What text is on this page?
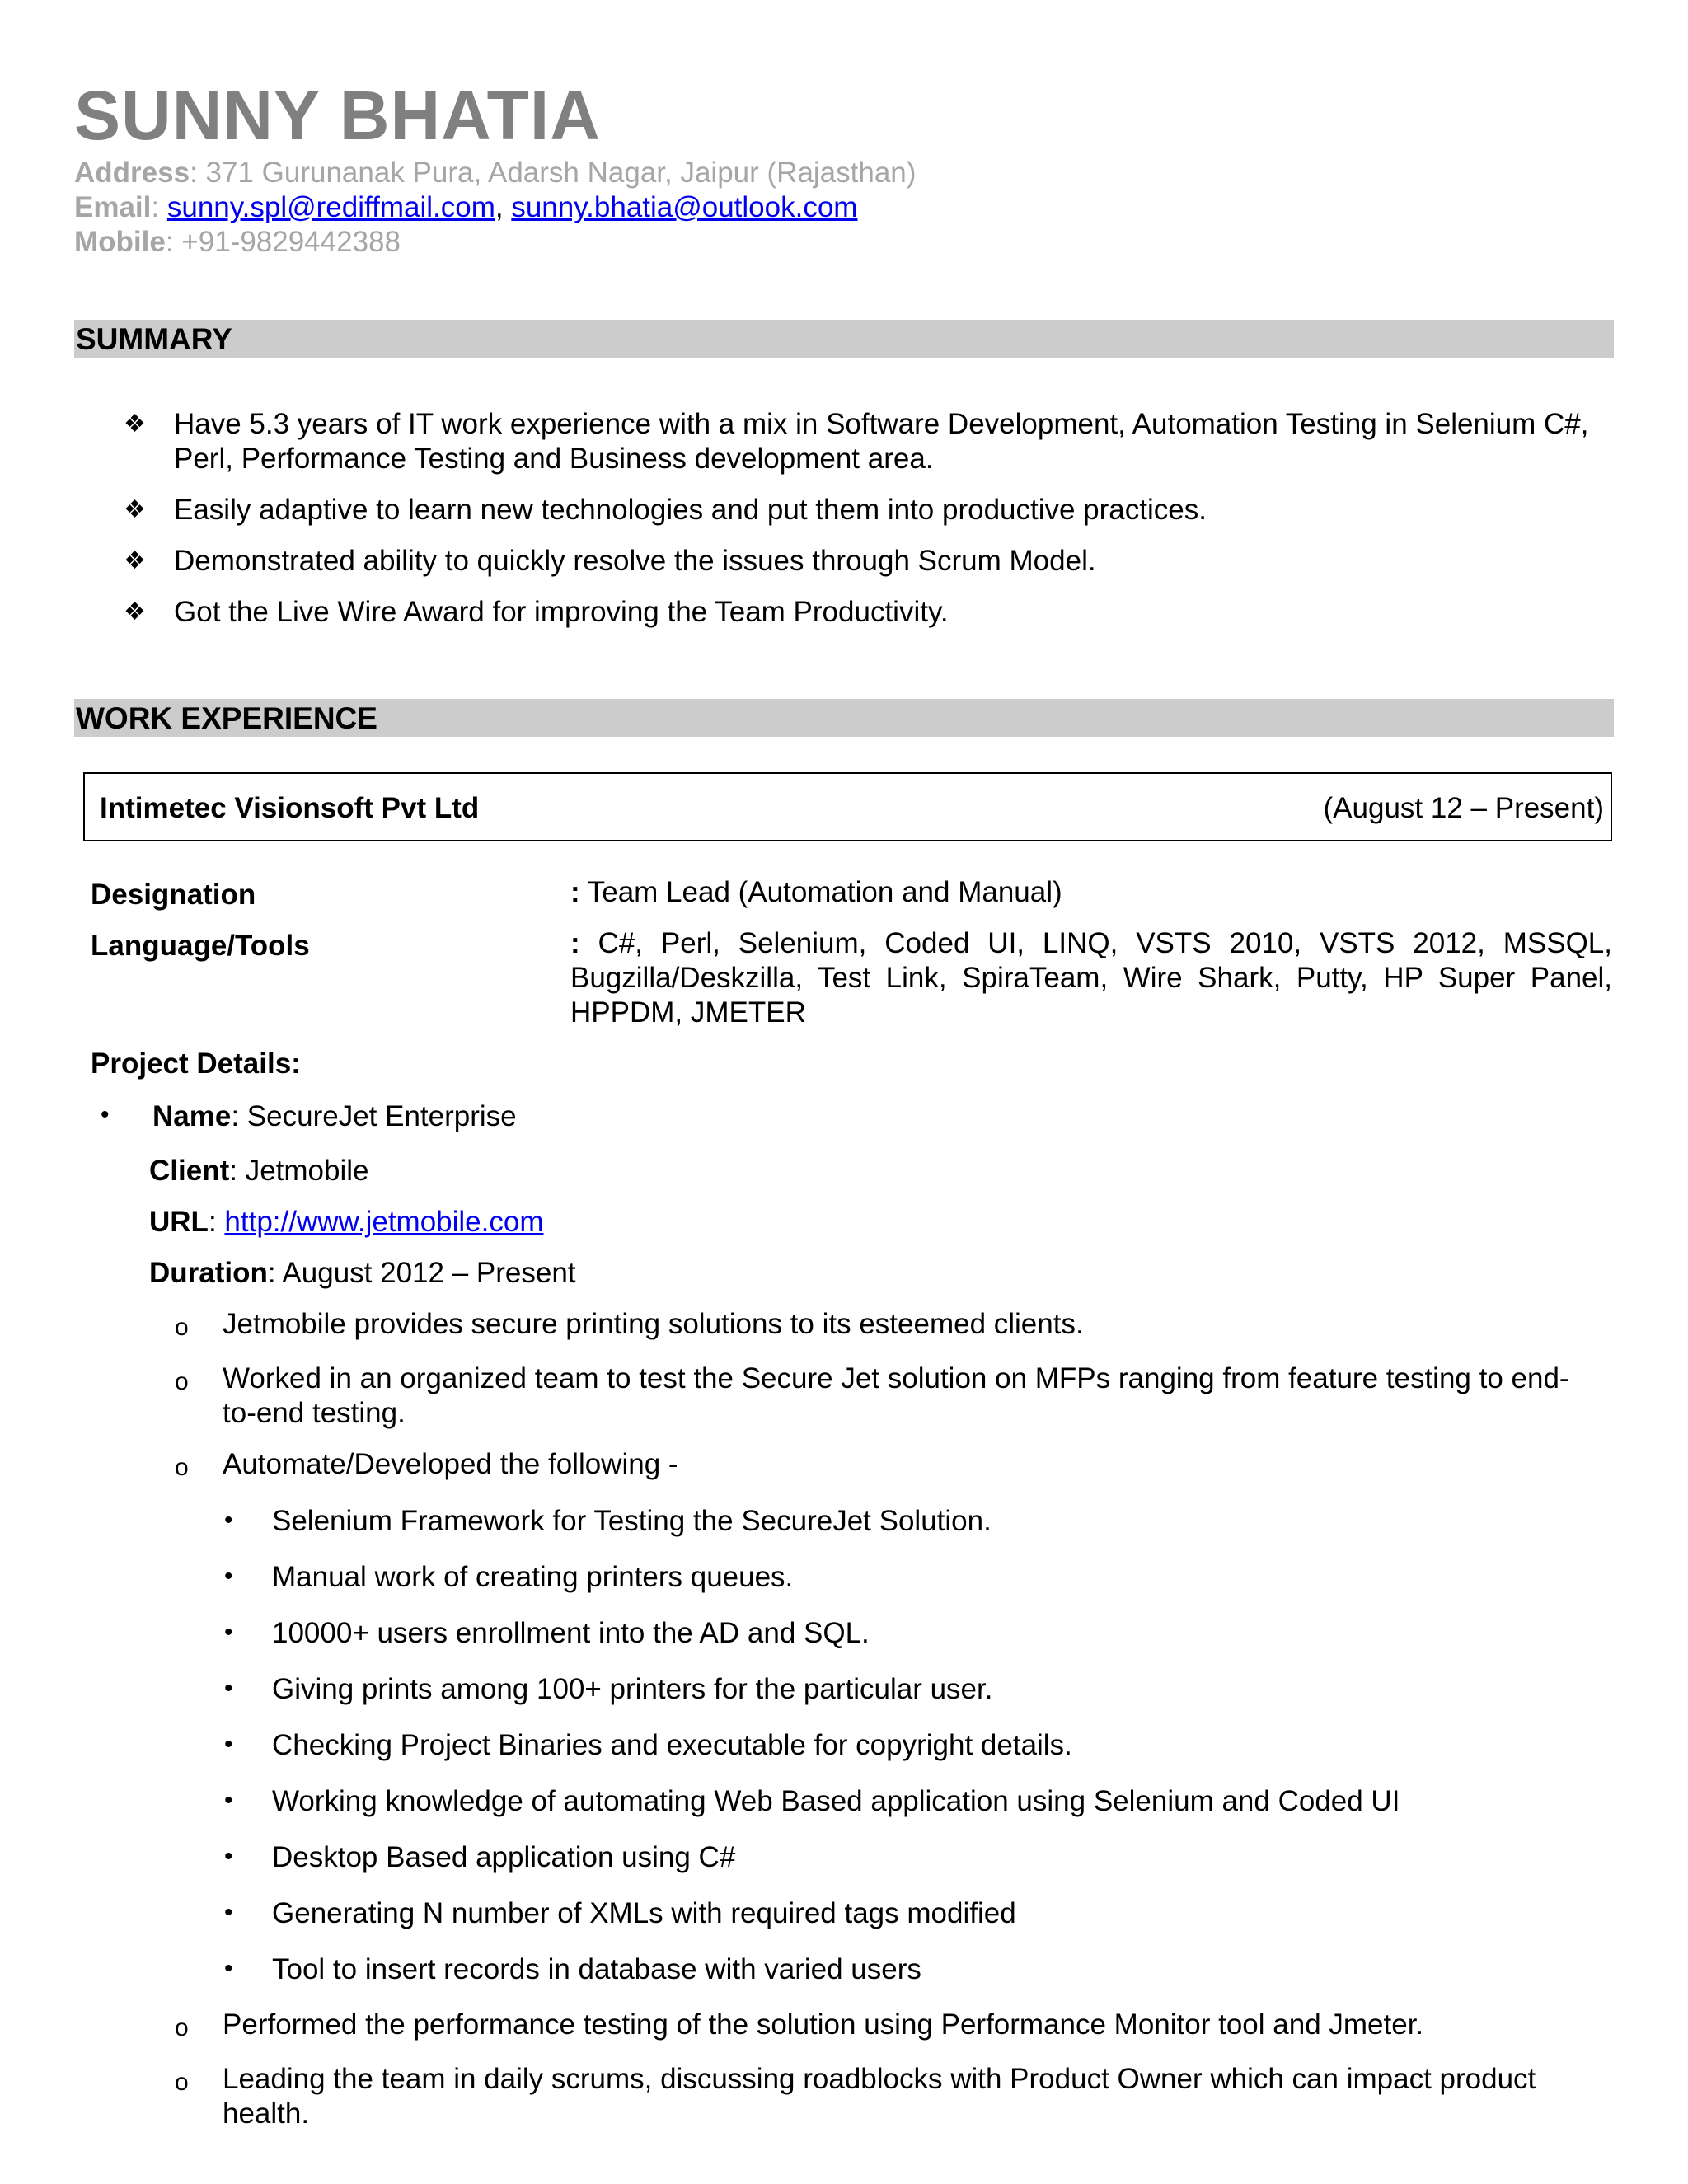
SUNNY BHATIA
Address: 371 Gurunanak Pura, Adarsh Nagar, Jaipur (Rajasthan)
Email: sunny.spl@rediffmail.com, sunny.bhatia@outlook.com
Mobile: +91-9829442388
SUMMARY
❖ Have 5.3 years of IT work experience with a mix in Software Development, Automation Testing in Selenium C#, Perl, Performance Testing and Business development area.
❖ Easily adaptive to learn new technologies and put them into productive practices.
❖ Demonstrated ability to quickly resolve the issues through Scrum Model.
❖ Got the Live Wire Award for improving the Team Productivity.
WORK EXPERIENCE
Intimetec Visionsoft Pvt Ltd	(August 12 – Present)
Designation	: Team Lead (Automation and Manual)
Language/Tools	: C#, Perl, Selenium, Coded UI, LINQ, VSTS 2010, VSTS 2012, MSSQL, Bugzilla/Deskzilla, Test Link, SpiraTeam, Wire Shark, Putty, HP Super Panel, HPPDM, JMETER
Project Details:
• Name: SecureJet Enterprise
Client: Jetmobile
URL: http://www.jetmobile.com
Duration: August 2012 – Present
o Jetmobile provides secure printing solutions to its esteemed clients.
o Worked in an organized team to test the Secure Jet solution on MFPs ranging from feature testing to end-to-end testing.
o Automate/Developed the following -
• Selenium Framework for Testing the SecureJet Solution.
• Manual work of creating printers queues.
• 10000+ users enrollment into the AD and SQL.
• Giving prints among 100+ printers for the particular user.
• Checking Project Binaries and executable for copyright details.
• Working knowledge of automating Web Based application using Selenium and Coded UI
• Desktop Based application using C#
• Generating N number of XMLs with required tags modified
• Tool to insert records in database with varied users
o Performed the performance testing of the solution using Performance Monitor tool and Jmeter.
o Leading the team in daily scrums, discussing roadblocks with Product Owner which can impact product health.
